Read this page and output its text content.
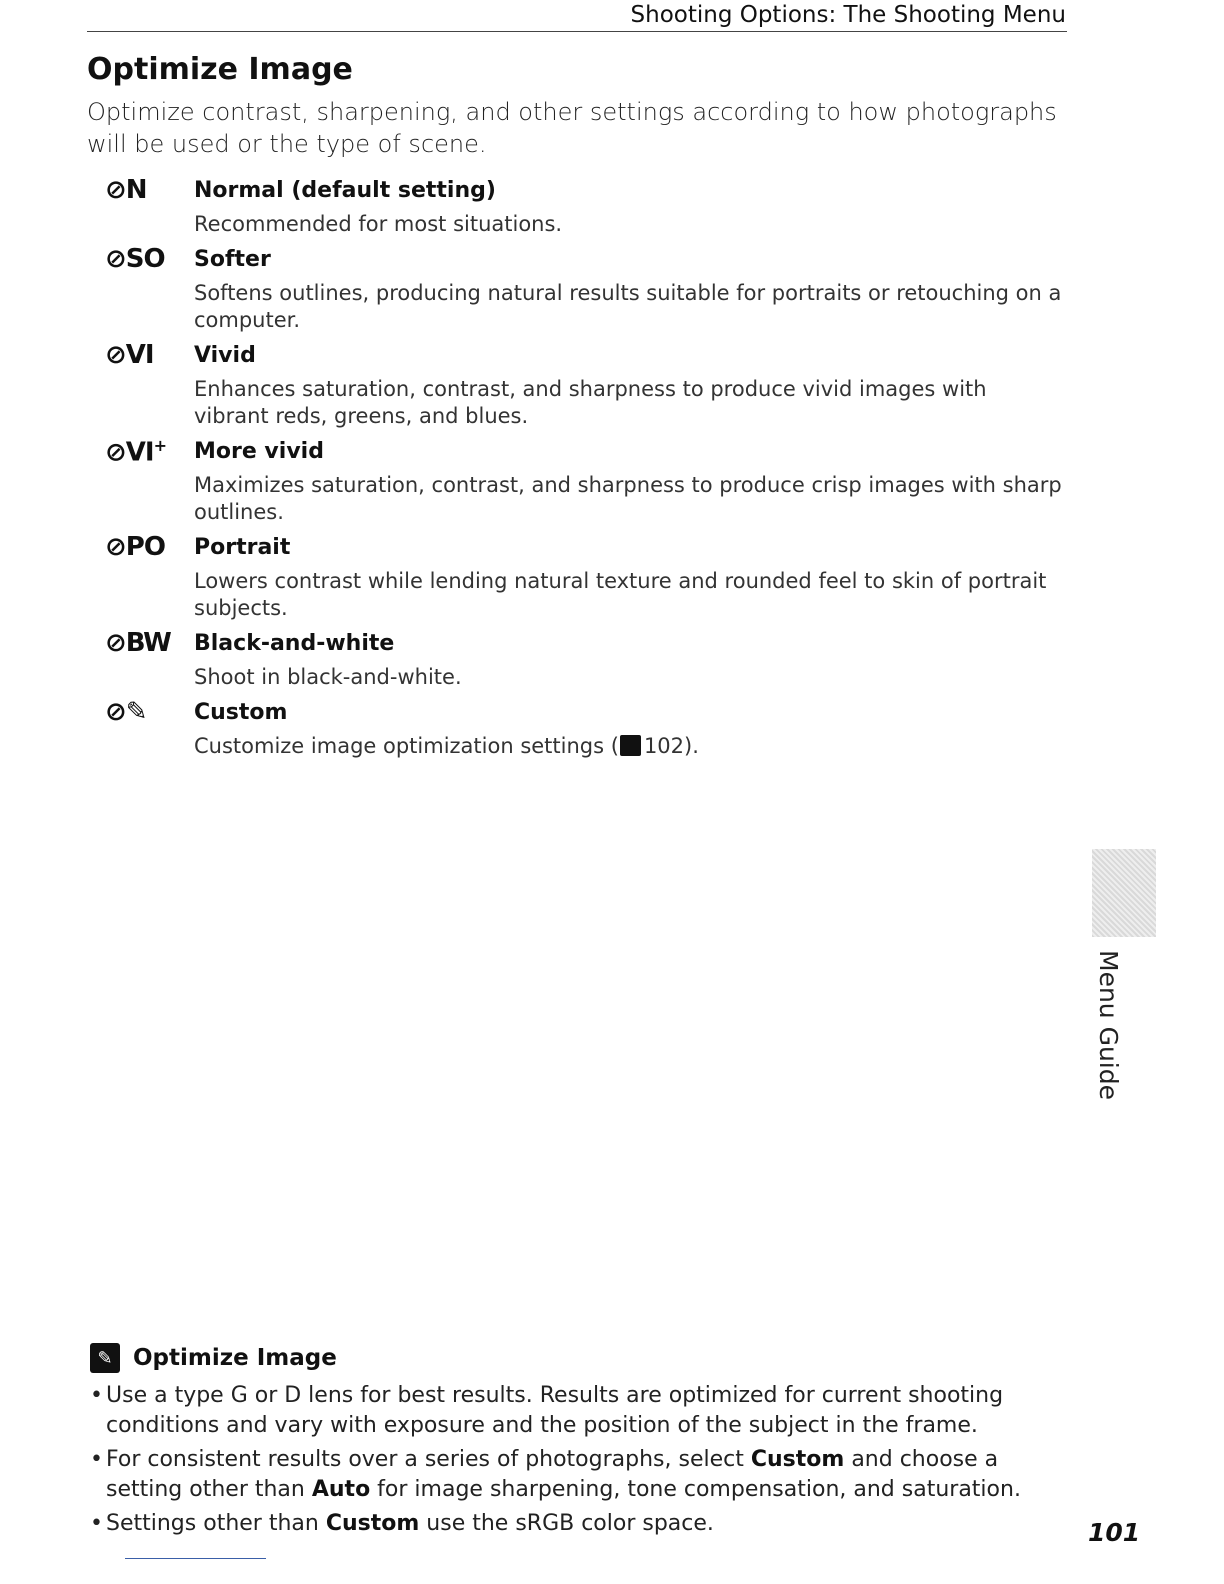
Shooting Options: The Shooting Menu
Optimize Image

Optimize contrast, sharpening, and other settings according to how photographs will be used or the type of scene.

⊘N	Normal (default setting)
Recommended for most situations.
⊘SO	Softer
Softens outlines, producing natural results suitable for portraits or retouching on a computer.
⊘VI	Vivid
Enhances saturation, contrast, and sharpness to produce vivid images with vibrant reds, greens, and blues.
⊘VI+	More vivid
Maximizes saturation, contrast, and sharpness to produce crisp images with sharp outlines.
⊘PO	Portrait
Lowers contrast while lending natural texture and rounded feel to skin of portrait subjects.
⊘BW	Black-and-white
Shoot in black-and-white.
⊘✎	Custom
Customize image optimization settings ( 102).
Menu Guide
✎ Optimize Image
• Use a type G or D lens for best results. Results are optimized for current shooting conditions and vary with exposure and the position of the subject in the frame.
• For consistent results over a series of photographs, select Custom and choose a setting other than Auto for image sharpening, tone compensation, and saturation.
• Settings other than Custom use the sRGB color space.	101
